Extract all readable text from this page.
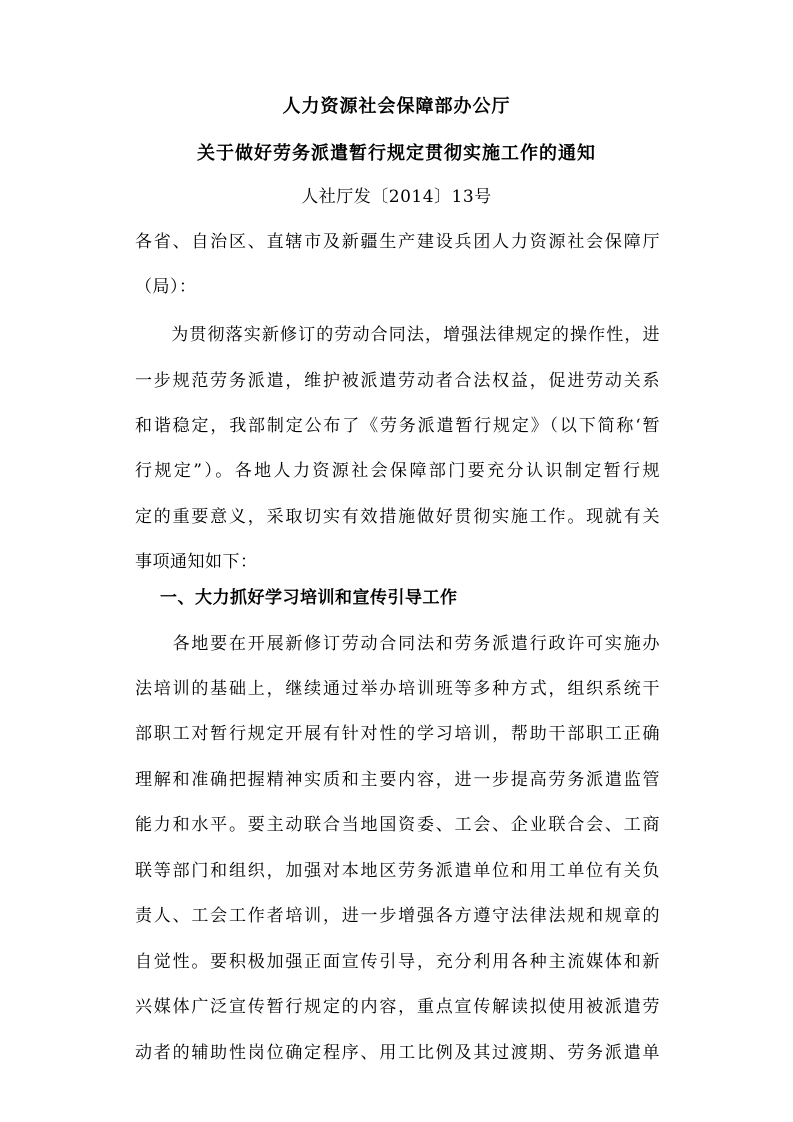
人力资源社会保障部办公厅

关于做好劳务派遣暂行规定贯彻实施工作的通知

人社厅发〔2014〕13号

各省、自治区、直辖市及新疆生产建设兵团人力资源社会保障厅

（局）：

　　为贯彻落实新修订的劳动合同法，增强法律规定的操作性，进

一步规范劳务派遣，维护被派遣劳动者合法权益，促进劳动关系

和谐稳定，我部制定公布了《劳务派遣暂行规定》（以下简称‘暂

行规定”）。各地人力资源社会保障部门要充分认识制定暂行规

定的重要意义，采取切实有效措施做好贯彻实施工作。现就有关

事项通知如下：

一、大力抓好学习培训和宣传引导工作

　　各地要在开展新修订劳动合同法和劳务派遣行政许可实施办

法培训的基础上，继续通过举办培训班等多种方式，组织系统干

部职工对暂行规定开展有针对性的学习培训，帮助干部职工正确

理解和准确把握精神实质和主要内容，进一步提高劳务派遣监管

能力和水平。要主动联合当地国资委、工会、企业联合会、工商

联等部门和组织，加强对本地区劳务派遣单位和用工单位有关负

责人、工会工作者培训，进一步增强各方遵守法律法规和规章的

自觉性。要积极加强正面宣传引导，充分利用各种主流媒体和新

兴媒体广泛宣传暂行规定的内容，重点宣传解读拟使用被派遣劳

动者的辅助性岗位确定程序、用工比例及其过渡期、劳务派遣单
